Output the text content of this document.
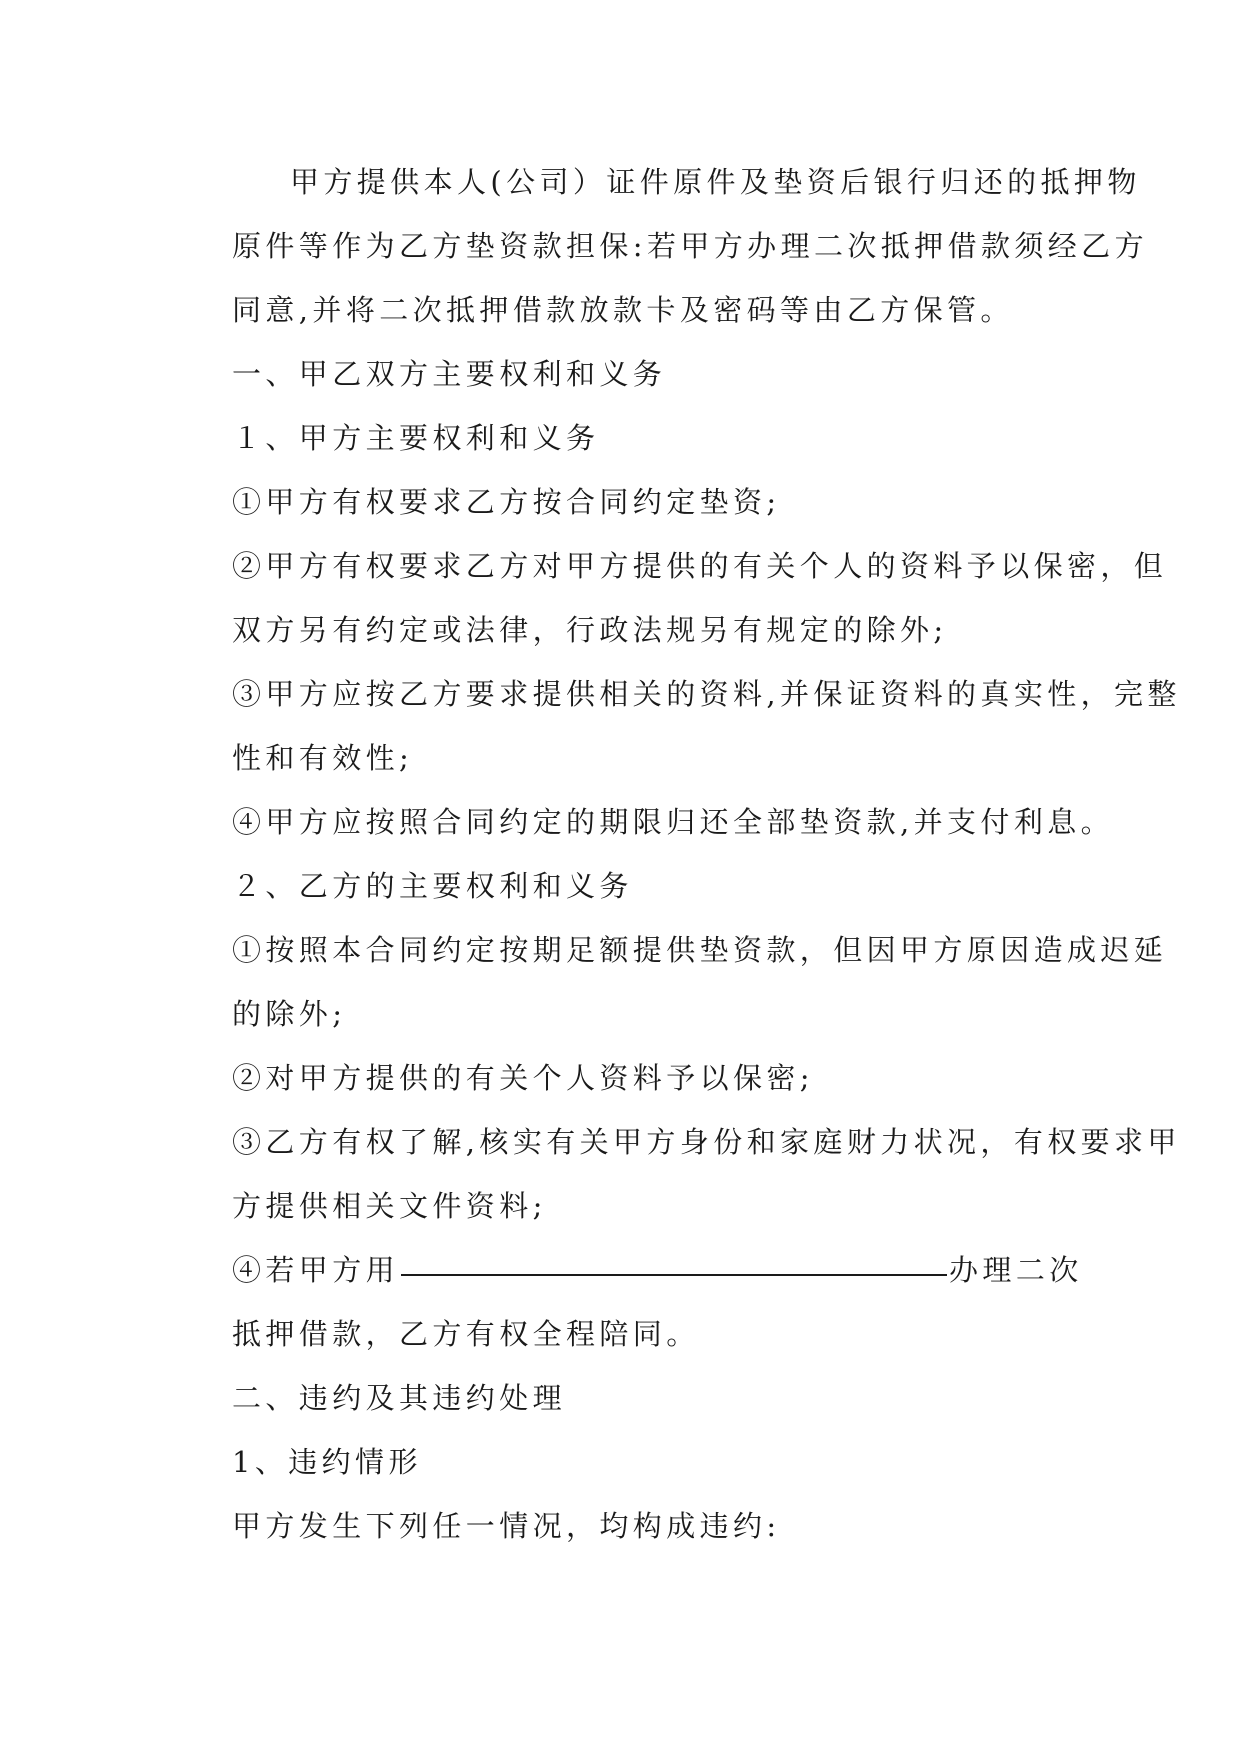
甲方提供本人(公司）证件原件及垫资后银行归还的抵押物
原件等作为乙方垫资款担保:若甲方办理二次抵押借款须经乙方
同意,并将二次抵押借款放款卡及密码等由乙方保管。
一、甲乙双方主要权利和义务
１、甲方主要权利和义务
①甲方有权要求乙方按合同约定垫资;
②甲方有权要求乙方对甲方提供的有关个人的资料予以保密，但
双方另有约定或法律，行政法规另有规定的除外;
③甲方应按乙方要求提供相关的资料,并保证资料的真实性，完整
性和有效性;
④甲方应按照合同约定的期限归还全部垫资款,并支付利息。
２、乙方的主要权利和义务
①按照本合同约定按期足额提供垫资款，但因甲方原因造成迟延
的除外;
②对甲方提供的有关个人资料予以保密;
③乙方有权了解,核实有关甲方身份和家庭财力状况，有权要求甲
方提供相关文件资料;
④若甲方用	办理二次
抵押借款，乙方有权全程陪同。
二、违约及其违约处理
1、违约情形
甲方发生下列任一情况，均构成违约:
